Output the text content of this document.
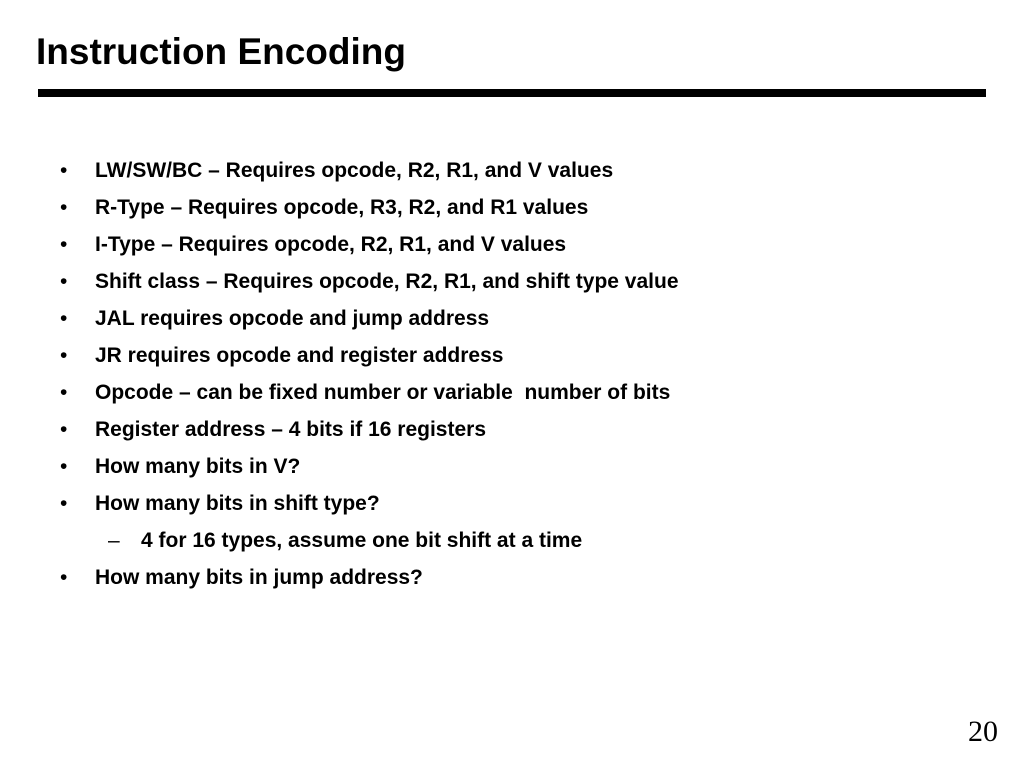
Instruction Encoding

•

LW/SW/BC – Requires opcode, R2, R1, and V values

•

R-Type – Requires opcode, R3, R2, and R1 values

•

I-Type – Requires opcode, R2, R1, and V values

•

Shift class – Requires opcode, R2, R1, and shift type value

•

JAL requires opcode and jump address

•

JR requires opcode and register address

•

Opcode – can be fixed number or variable  number of bits

•

Register address – 4 bits if 16 registers

•

How many bits in V?

•

How many bits in shift type?

–

4 for 16 types, assume one bit shift at a time

•

How many bits in jump address?

20
